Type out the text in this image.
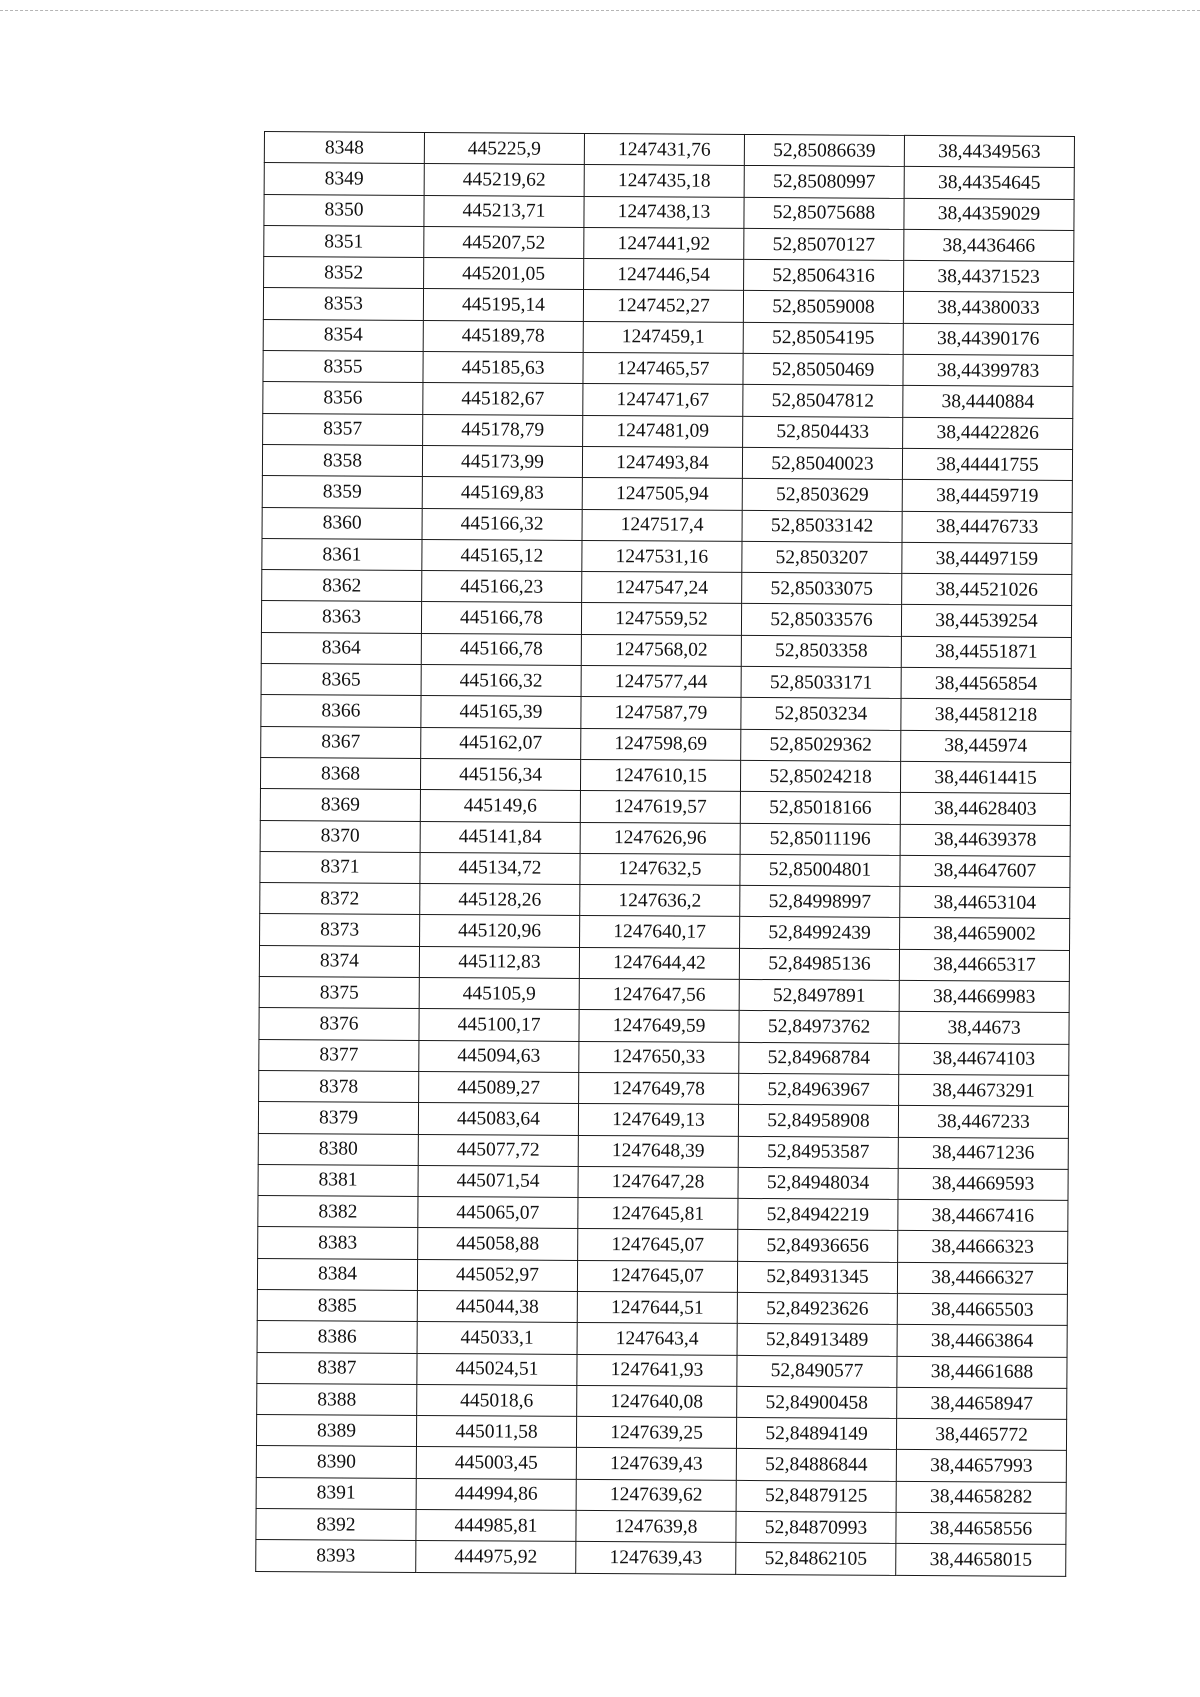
8348	445225,9	1247431,76	52,85086639	38,44349563
8349	445219,62	1247435,18	52,85080997	38,44354645
8350	445213,71	1247438,13	52,85075688	38,44359029
8351	445207,52	1247441,92	52,85070127	38,4436466
8352	445201,05	1247446,54	52,85064316	38,44371523
8353	445195,14	1247452,27	52,85059008	38,44380033
8354	445189,78	1247459,1	52,85054195	38,44390176
8355	445185,63	1247465,57	52,85050469	38,44399783
8356	445182,67	1247471,67	52,85047812	38,4440884
8357	445178,79	1247481,09	52,8504433	38,44422826
8358	445173,99	1247493,84	52,85040023	38,44441755
8359	445169,83	1247505,94	52,8503629	38,44459719
8360	445166,32	1247517,4	52,85033142	38,44476733
8361	445165,12	1247531,16	52,8503207	38,44497159
8362	445166,23	1247547,24	52,85033075	38,44521026
8363	445166,78	1247559,52	52,85033576	38,44539254
8364	445166,78	1247568,02	52,8503358	38,44551871
8365	445166,32	1247577,44	52,85033171	38,44565854
8366	445165,39	1247587,79	52,8503234	38,44581218
8367	445162,07	1247598,69	52,85029362	38,445974
8368	445156,34	1247610,15	52,85024218	38,44614415
8369	445149,6	1247619,57	52,85018166	38,44628403
8370	445141,84	1247626,96	52,85011196	38,44639378
8371	445134,72	1247632,5	52,85004801	38,44647607
8372	445128,26	1247636,2	52,84998997	38,44653104
8373	445120,96	1247640,17	52,84992439	38,44659002
8374	445112,83	1247644,42	52,84985136	38,44665317
8375	445105,9	1247647,56	52,8497891	38,44669983
8376	445100,17	1247649,59	52,84973762	38,44673
8377	445094,63	1247650,33	52,84968784	38,44674103
8378	445089,27	1247649,78	52,84963967	38,44673291
8379	445083,64	1247649,13	52,84958908	38,4467233
8380	445077,72	1247648,39	52,84953587	38,44671236
8381	445071,54	1247647,28	52,84948034	38,44669593
8382	445065,07	1247645,81	52,84942219	38,44667416
8383	445058,88	1247645,07	52,84936656	38,44666323
8384	445052,97	1247645,07	52,84931345	38,44666327
8385	445044,38	1247644,51	52,84923626	38,44665503
8386	445033,1	1247643,4	52,84913489	38,44663864
8387	445024,51	1247641,93	52,8490577	38,44661688
8388	445018,6	1247640,08	52,84900458	38,44658947
8389	445011,58	1247639,25	52,84894149	38,4465772
8390	445003,45	1247639,43	52,84886844	38,44657993
8391	444994,86	1247639,62	52,84879125	38,44658282
8392	444985,81	1247639,8	52,84870993	38,44658556
8393	444975,92	1247639,43	52,84862105	38,44658015
